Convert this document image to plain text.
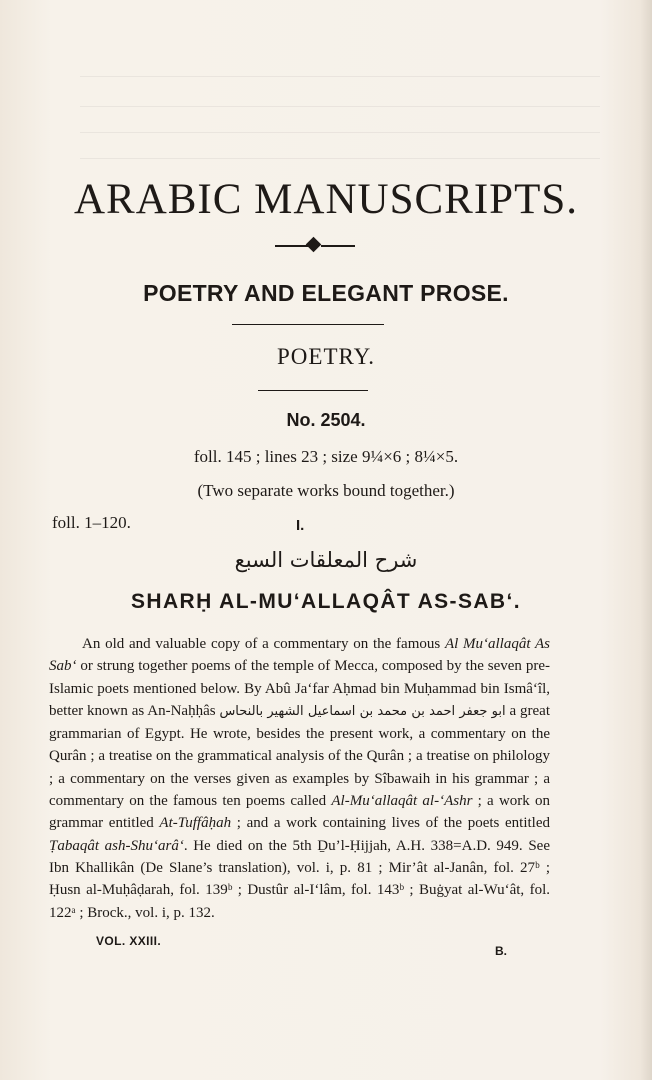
ARABIC MANUSCRIPTS.
POETRY AND ELEGANT PROSE.
POETRY.
No. 2504.
foll. 145 ; lines 23 ; size 9¼×6 ; 8¼×5.
(Two separate works bound together.)
foll. 1–120.	I.
شرح المعلقات السبع
SHARḤ AL-MU‘ALLAQÂT AS-SAB‘.

An old and valuable copy of a commentary on the famous Al Mu‘allaqât As Sab‘ or strung together poems of the temple of Mecca, composed by the seven pre-Islamic poets mentioned below. By Abû Ja‘far Aḥmad bin Muḥammad bin Ismâ‘îl, better known as An-Naḥḥâs ابو جعفر احمد بن محمد بن اسماعيل الشهير بالنحاس a great grammarian of Egypt. He wrote, besides the present work, a commentary on the Qurân ; a treatise on the grammatical analysis of the Qurân ; a treatise on philology ; a commentary on the verses given as examples by Sîbawaih in his grammar ; a commentary on the famous ten poems called Al-Mu‘allaqât al-‘Ashr ; a work on grammar entitled At-Tuffâḥah ; and a work containing lives of the poets entitled Ṭabaqât ash-Shu‘arâ‘. He died on the 5th Ḏu’l-Ḥijjah, A.H. 338=A.D. 949. See Ibn Khallikân (De Slane’s translation), vol. i, p. 81 ; Mir’ât al-Janân, fol. 27ᵇ ; Ḥusn al-Muḥâḍarah, fol. 139ᵇ ; Dustûr al-I‘lâm, fol. 143ᵇ ; Buġyat al-Wu‘ât, fol. 122ᵃ ; Brock., vol. i, p. 132.

VOL. XXIII.
B.
